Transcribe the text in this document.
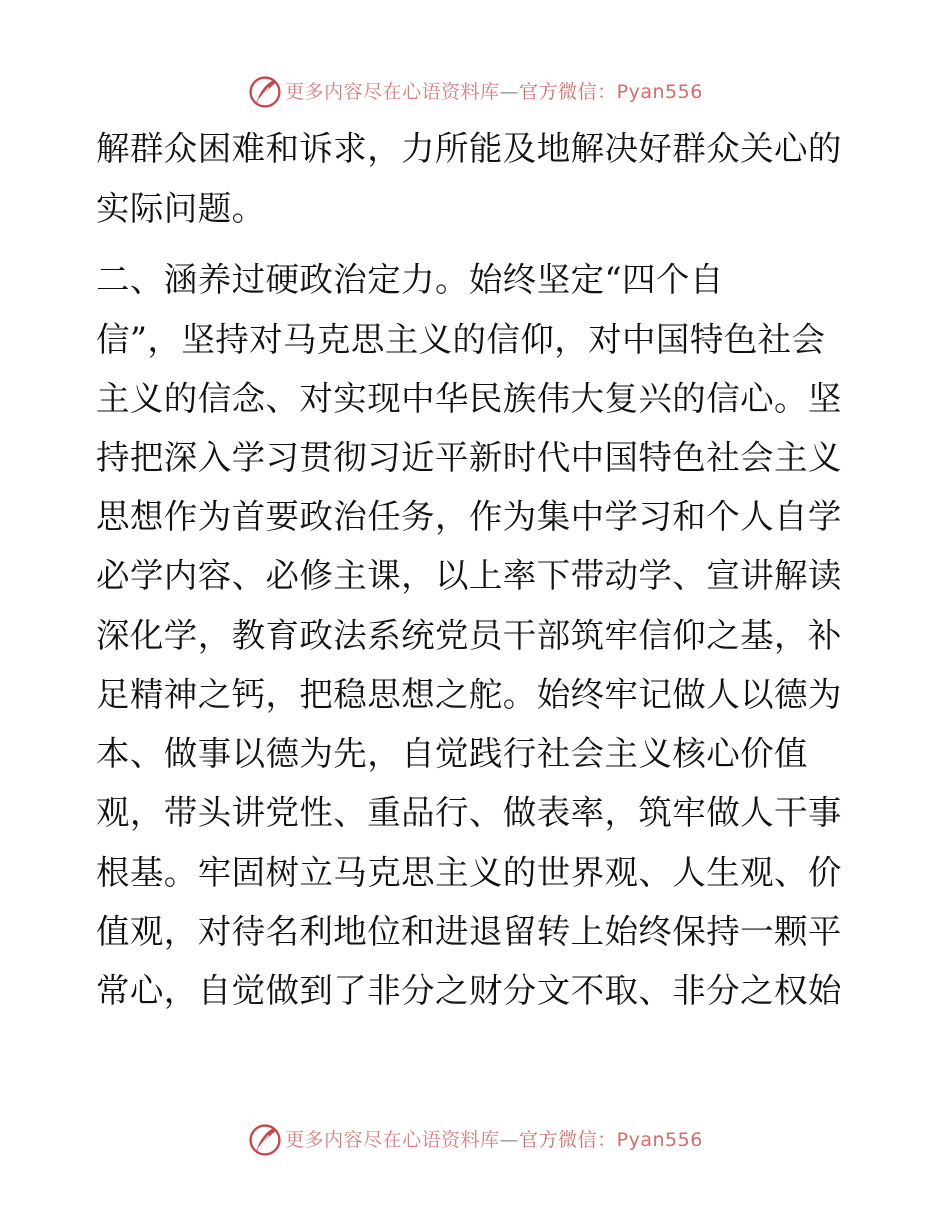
更多内容尽在心语资料库—官方微信：Pyan556
解群众困难和诉求，力所能及地解决好群众关心的
实际问题。
二、涵养过硬政治定力。始终坚定“四个自
信”，坚持对马克思主义的信仰，对中国特色社会
主义的信念、对实现中华民族伟大复兴的信心。坚
持把深入学习贯彻习近平新时代中国特色社会主义
思想作为首要政治任务，作为集中学习和个人自学
必学内容、必修主课，以上率下带动学、宣讲解读
深化学，教育政法系统党员干部筑牢信仰之基，补
足精神之钙，把稳思想之舵。始终牢记做人以德为
本、做事以德为先，自觉践行社会主义核心价值
观，带头讲党性、重品行、做表率，筑牢做人干事
根基。牢固树立马克思主义的世界观、人生观、价
值观，对待名利地位和进退留转上始终保持一颗平
常心，自觉做到了非分之财分文不取、非分之权始
更多内容尽在心语资料库—官方微信：Pyan556
